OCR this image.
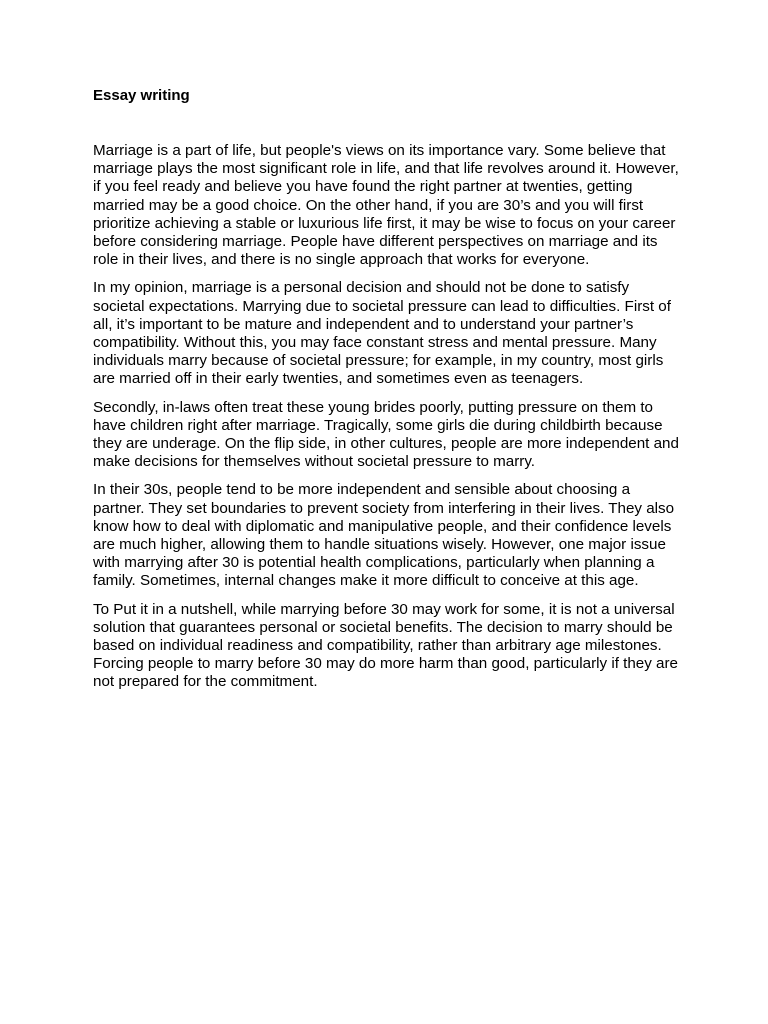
Essay writing

Marriage is a part of life, but people's views on its importance vary. Some believe that marriage plays the most significant role in life, and that life revolves around it. However, if you feel ready and believe you have found the right partner at twenties, getting married may be a good choice. On the other hand, if you are 30’s and you will first prioritize achieving a stable or luxurious life first, it may be wise to focus on your career before considering marriage. People have different perspectives on marriage and its role in their lives, and there is no single approach that works for everyone.

In my opinion, marriage is a personal decision and should not be done to satisfy societal expectations. Marrying due to societal pressure can lead to difficulties. First of all, it’s important to be mature and independent and to understand your partner’s compatibility. Without this, you may face constant stress and mental pressure. Many individuals marry because of societal pressure; for example, in my country, most girls are married off in their early twenties, and sometimes even as teenagers.

Secondly, in-laws often treat these young brides poorly, putting pressure on them to have children right after marriage. Tragically, some girls die during childbirth because they are underage. On the flip side, in other cultures, people are more independent and make decisions for themselves without societal pressure to marry.

In their 30s, people tend to be more independent and sensible about choosing a partner. They set boundaries to prevent society from interfering in their lives. They also know how to deal with diplomatic and manipulative people, and their confidence levels are much higher, allowing them to handle situations wisely. However, one major issue with marrying after 30 is potential health complications, particularly when planning a family. Sometimes, internal changes make it more difficult to conceive at this age.

To Put it in a nutshell, while marrying before 30 may work for some, it is not a universal solution that guarantees personal or societal benefits. The decision to marry should be based on individual readiness and compatibility, rather than arbitrary age milestones. Forcing people to marry before 30 may do more harm than good, particularly if they are not prepared for the commitment.
